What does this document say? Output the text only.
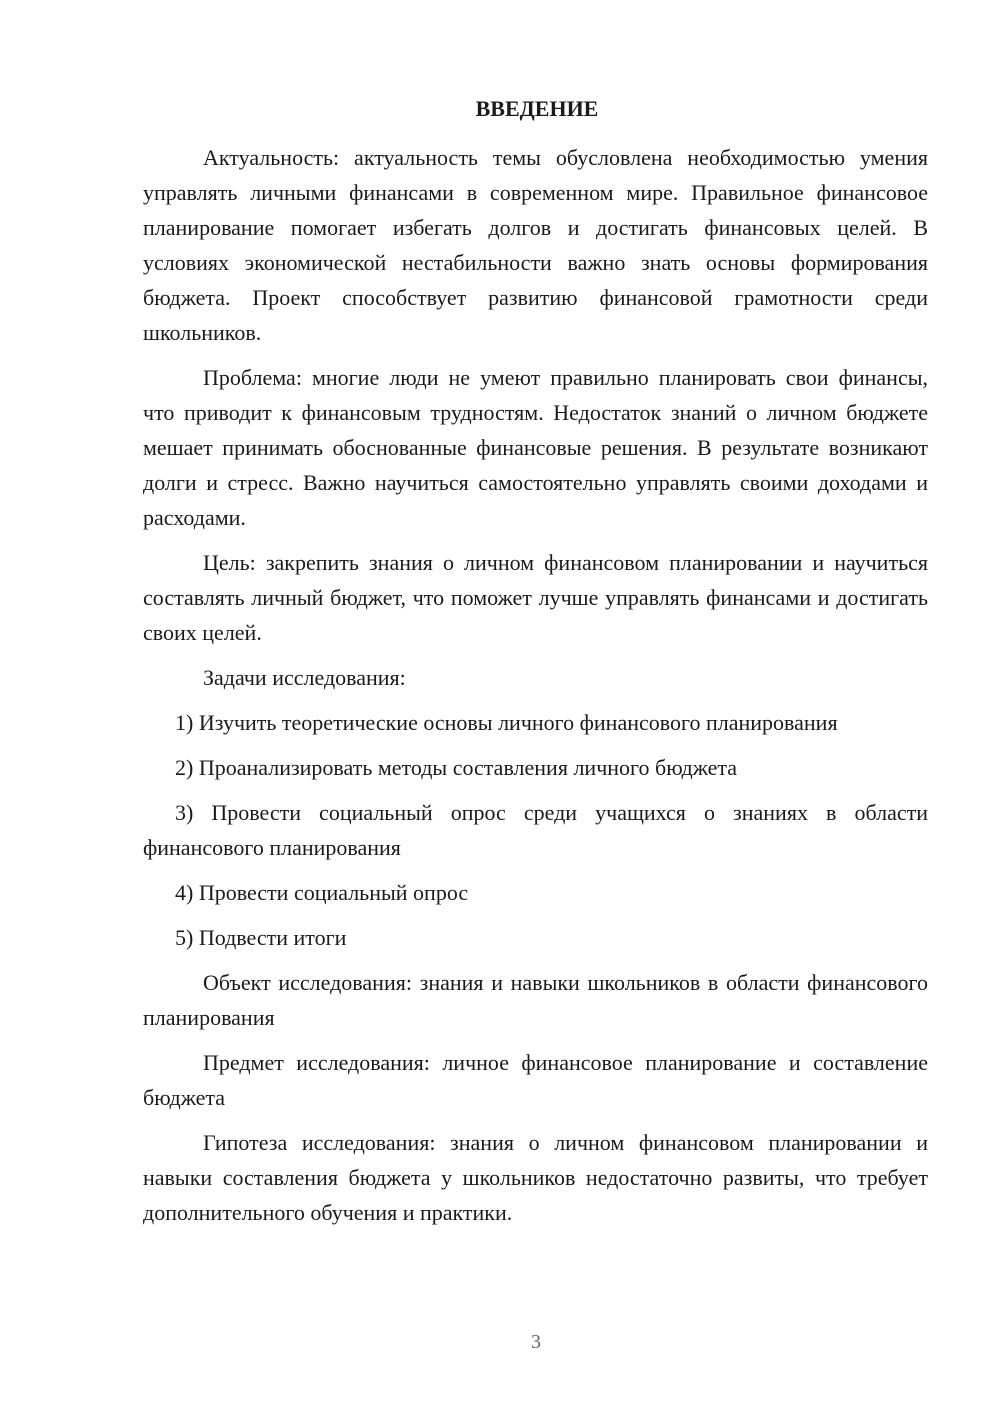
ВВЕДЕНИЕ

Актуальность: актуальность темы обусловлена необходимостью умения управлять личными финансами в современном мире. Правильное финансовое планирование помогает избегать долгов и достигать финансовых целей. В условиях экономической нестабильности важно знать основы формирования бюджета. Проект способствует развитию финансовой грамотности среди школьников.

Проблема: многие люди не умеют правильно планировать свои финансы, что приводит к финансовым трудностям. Недостаток знаний о личном бюджете мешает принимать обоснованные финансовые решения. В результате возникают долги и стресс. Важно научиться самостоятельно управлять своими доходами и расходами.

Цель: закрепить знания о личном финансовом планировании и научиться составлять личный бюджет, что поможет лучше управлять финансами и достигать своих целей.

Задачи исследования:

1) Изучить теоретические основы личного финансового планирования

2) Проанализировать методы составления личного бюджета

3) Провести социальный опрос среди учащихся о знаниях в области финансового планирования

4) Провести социальный опрос

5) Подвести итоги

Объект исследования: знания и навыки школьников в области финансового планирования

Предмет исследования: личное финансовое планирование и составление бюджета

Гипотеза исследования: знания о личном финансовом планировании и навыки составления бюджета у школьников недостаточно развиты, что требует дополнительного обучения и практики.

3
